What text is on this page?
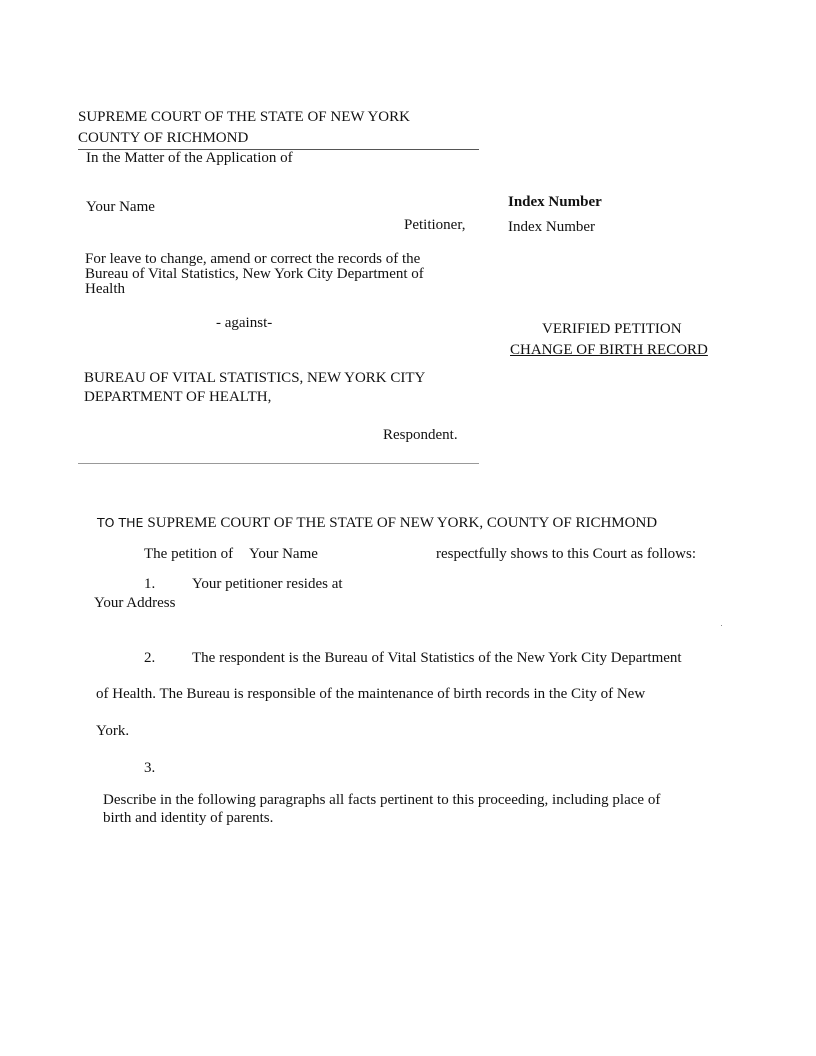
SUPREME COURT OF THE STATE OF NEW YORK
COUNTY OF RICHMOND
In the Matter of the Application of
Your Name
Petitioner,
For leave to change, amend or correct the records of the
Bureau of Vital Statistics, New York City Department of
Health
- against-
BUREAU OF VITAL STATISTICS, NEW YORK CITY
DEPARTMENT OF HEALTH,
Respondent.
Index Number
Index Number
VERIFIED PETITION
CHANGE OF BIRTH RECORD
TO THE SUPREME COURT OF THE STATE OF NEW YORK, COUNTY OF RICHMOND
The petition of Your Name	respectfully shows to this Court as follows:
1. Your petitioner resides at
Your Address
2. The respondent is the Bureau of Vital Statistics of the New York City Department
of Health. The Bureau is responsible of the maintenance of birth records in the City of New
York.
3.
Describe in the following paragraphs all facts pertinent to this proceeding, including place of
birth and identity of parents.
